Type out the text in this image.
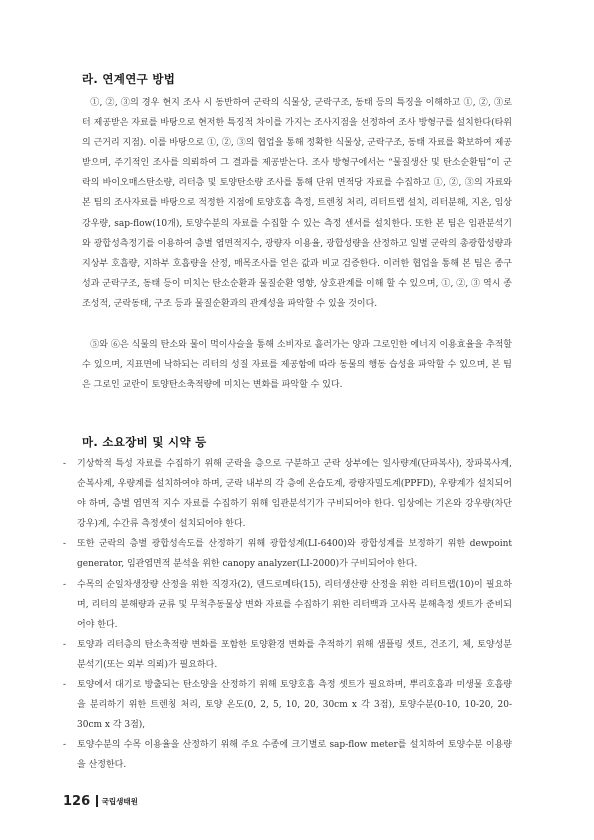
라. 연계연구 방법
①, ②, ③의 경우 현지 조사 시 동반하여 군락의 식물상, 군락구조, 동태 등의 특징을 이해하고 ①, ②, ③로터 제공받은 자료를 바탕으로 현저한 특징적 차이를 가지는 조사지점을 선정하여 조사 방형구를 설치한다(타위의 근거리 지점). 이를 바탕으로 ①, ②, ③의 협업을 통해 정확한 식물상, 군락구조, 동태 자료를 확보하여 제공받으며, 주기적인 조사를 의뢰하여 그 결과를 제공받는다. 조사 방형구에서는 “물질생산 및 탄소순환팀”이 군락의 바이오매스탄소량, 리터층 및 토양탄소량 조사를 통해 단위 면적당 자료를 수집하고 ①, ②, ③의 자료와 본 팀의 조사자료를 바탕으로 적정한 지점에 토양호흡 측정, 트렌칭 처리, 리터트랩 설치, 리터분해, 지온, 임상강우량, sap-flow(10개), 토양수분의 자료를 수집할 수 있는 측정 센서를 설치한다. 또한 본 팀은 임관분석기와 광합성측정기를 이용하여 층별 엽면적지수, 광량자 이용율, 광합성량을 산정하고 일별 군락의 총광합성량과 지상부 호흡량, 지하부 호흡량을 산정, 매목조사를 얻은 값과 비교 검증한다. 이러한 협업을 통해 본 팀은 종구성과 군락구조, 동태 등이 미치는 탄소순환과 물질순환 영향, 상호관계를 이해 할 수 있으며, ①, ②, ③ 역시 종조성적, 군락동태, 구조 등과 물질순환과의 관계성을 파악할 수 있을 것이다.
⑤와 ⑥은 식물의 탄소와 물이 먹이사슬을 통해 소비자로 흘러가는 양과 그로인한 에너지 이용효율을 추적할 수 있으며, 지표면에 낙하되는 리터의 성질 자료를 제공함에 따라 동물의 행동 습성을 파악할 수 있으며, 본 팀은 그로인 교란이 토양탄소축적량에 미치는 변화를 파악할 수 있다.
마. 소요장비 및 시약 등
- 기상학적 특성 자료를 수집하기 위해 군락을 층으로 구분하고 군락 상부에는 일사량계(단파복사), 장파복사계, 순복사계, 우량계를 설치하여야 하며, 군락 내부의 각 층에 온습도계, 광량자밀도계(PPFD), 우량계가 설치되어야 하며, 층별 엽면적 지수 자료를 수집하기 위해 임관분석기가 구비되어야 한다. 임상에는 기온와 강우량(차단강우)계, 수간류 측정셋이 설치되어야 한다.
- 또한 군락의 층별 광합성속도를 산정하기 위해 광합성계(LI-6400)와 광합성계를 보정하기 위한 dewpoint generator, 임관엽면적 분석을 위한 canopy analyzer(LI-2000)가 구비되어야 한다.
- 수목의 순일차생장량 산정을 위한 직경자(2), 덴드로메타(15), 리터생산량 산정을 위한 리터트랩(10)이 필요하며, 리터의 분해량과 균류 및 무척추동물상 변화 자료를 수집하기 위한 리터백과 고사목 분해측정 셋트가 준비되어야 한다.
- 토양과 리터층의 탄소축적량 변화를 포함한 토양환경 변화를 추적하기 위해 샘플링 셋트, 건조기, 체, 토양성분 분석기(또는 외부 의뢰)가 필요하다.
- 토양에서 대기로 방출되는 탄소양을 산정하기 위해 토양호흡 측정 셋트가 필요하며, 뿌리호흡과 미생물 호흡량을 분리하기 위한 트렌칭 처리, 토양 온도(0, 2, 5, 10, 20, 30cm x 각 3점), 토양수분(0-10, 10-20, 20-30cm x 각 3점),
- 토양수분의 수목 이용율을 산정하기 위해 주요 수종에 크기별로 sap-flow meter를 설치하여 토양수분 이용량을 산정한다.
126 국립생태원
